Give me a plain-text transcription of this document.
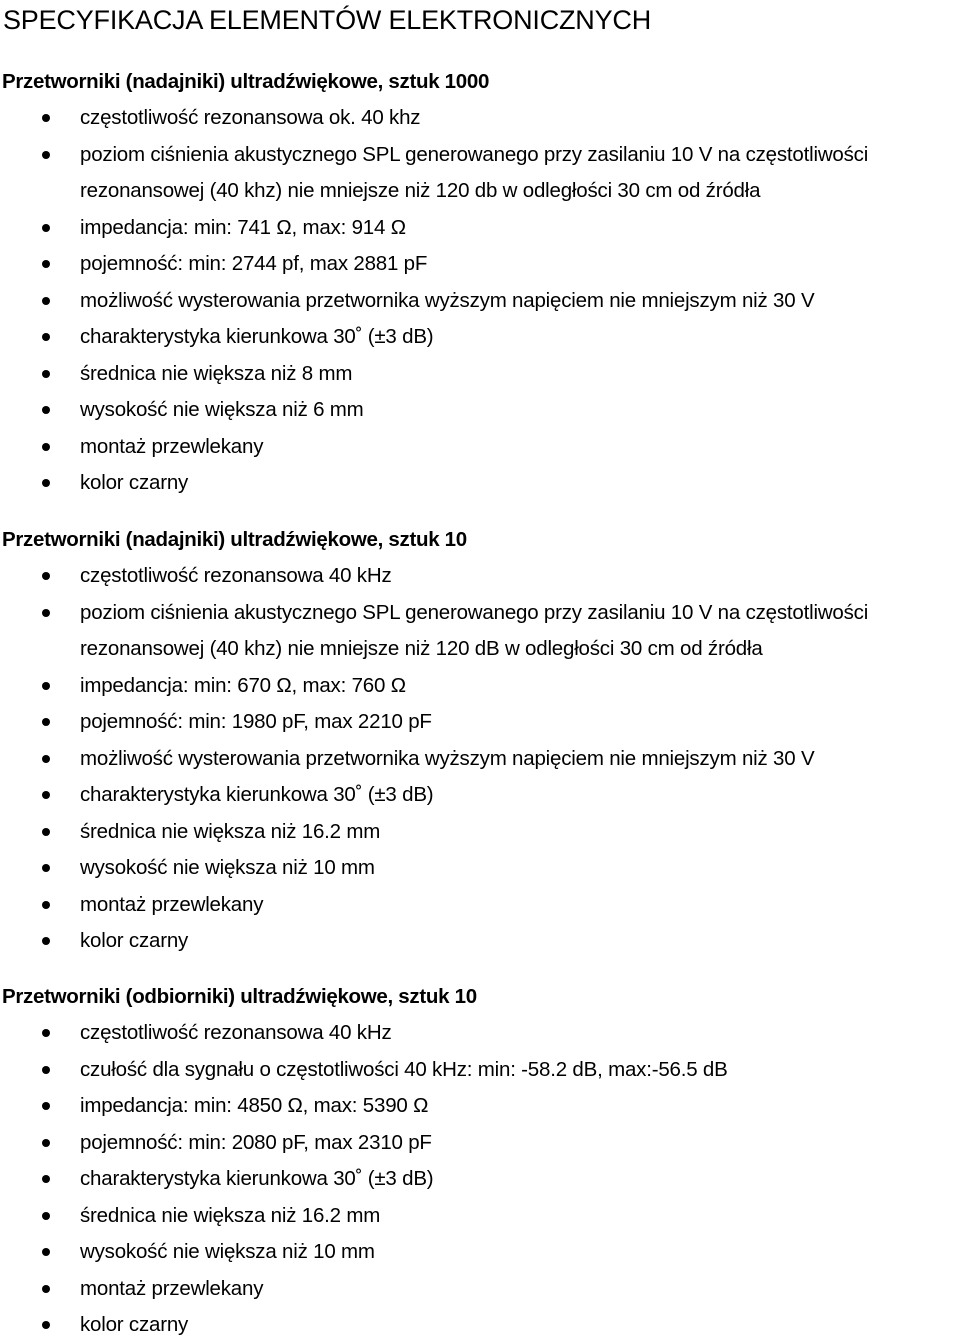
SPECYFIKACJA ELEMENTÓW ELEKTRONICZNYCH
Przetworniki (nadajniki) ultradźwiękowe, sztuk 1000
częstotliwość rezonansowa ok. 40 khz
poziom ciśnienia akustycznego SPL generowanego przy zasilaniu 10 V na częstotliwości
rezonansowej (40 khz) nie mniejsze niż 120 db w odległości 30 cm od źródła
impedancja: min: 741 Ω, max: 914 Ω
pojemność: min: 2744 pf, max 2881 pF
możliwość wysterowania przetwornika wyższym napięciem nie mniejszym niż 30 V
charakterystyka kierunkowa 30˚ (±3 dB)
średnica nie większa niż 8 mm
wysokość nie większa niż 6 mm
montaż przewlekany
kolor czarny
Przetworniki (nadajniki) ultradźwiękowe, sztuk 10
częstotliwość rezonansowa 40 kHz
poziom ciśnienia akustycznego SPL generowanego przy zasilaniu 10 V na częstotliwości
rezonansowej (40 khz) nie mniejsze niż 120 dB w odległości 30 cm od źródła
impedancja: min: 670 Ω, max: 760 Ω
pojemność: min: 1980 pF, max 2210 pF
możliwość wysterowania przetwornika wyższym napięciem nie mniejszym niż 30 V
charakterystyka kierunkowa 30˚ (±3 dB)
średnica nie większa niż 16.2 mm
wysokość nie większa niż 10 mm
montaż przewlekany
kolor czarny
Przetworniki (odbiorniki) ultradźwiękowe, sztuk 10
częstotliwość rezonansowa 40 kHz
czułość dla sygnału o częstotliwości 40 kHz: min: -58.2 dB, max:-56.5 dB
impedancja: min: 4850 Ω, max: 5390 Ω
pojemność: min: 2080 pF, max 2310 pF
charakterystyka kierunkowa 30˚ (±3 dB)
średnica nie większa niż 16.2 mm
wysokość nie większa niż 10 mm
montaż przewlekany
kolor czarny
